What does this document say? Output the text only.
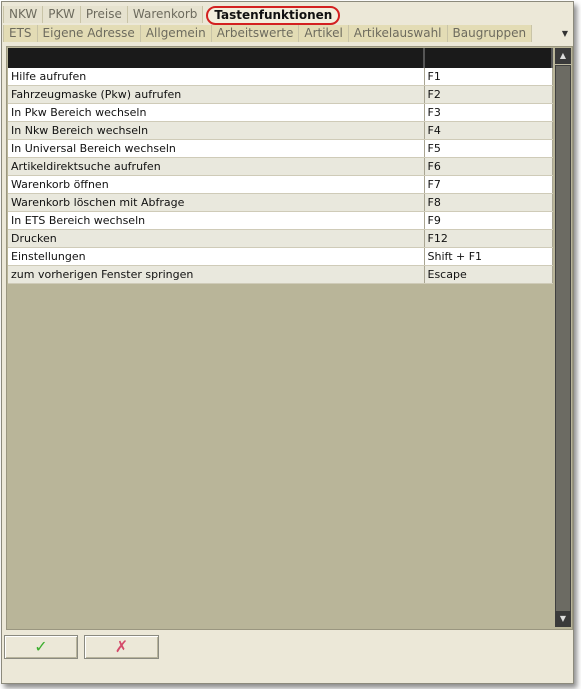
NKW PKW Preise Warenkorb	Tastenfunktionen
ETS Eigene Adresse Allgemein Arbeitswerte Artikel Artikelauswahl Baugruppen	▼

Hilfe aufrufen	F1
Fahrzeugmaske (Pkw) aufrufen	F2
In Pkw Bereich wechseln	F3
In Nkw Bereich wechseln	F4
In Universal Bereich wechseln	F5
Artikeldirektsuche aufrufen	F6
Warenkorb öffnen	F7
Warenkorb löschen mit Abfrage	F8
In ETS Bereich wechseln	F9
Drucken	F12
Einstellungen	Shift + F1
zum vorherigen Fenster springen	Escape
▲
▼
✓	✗
